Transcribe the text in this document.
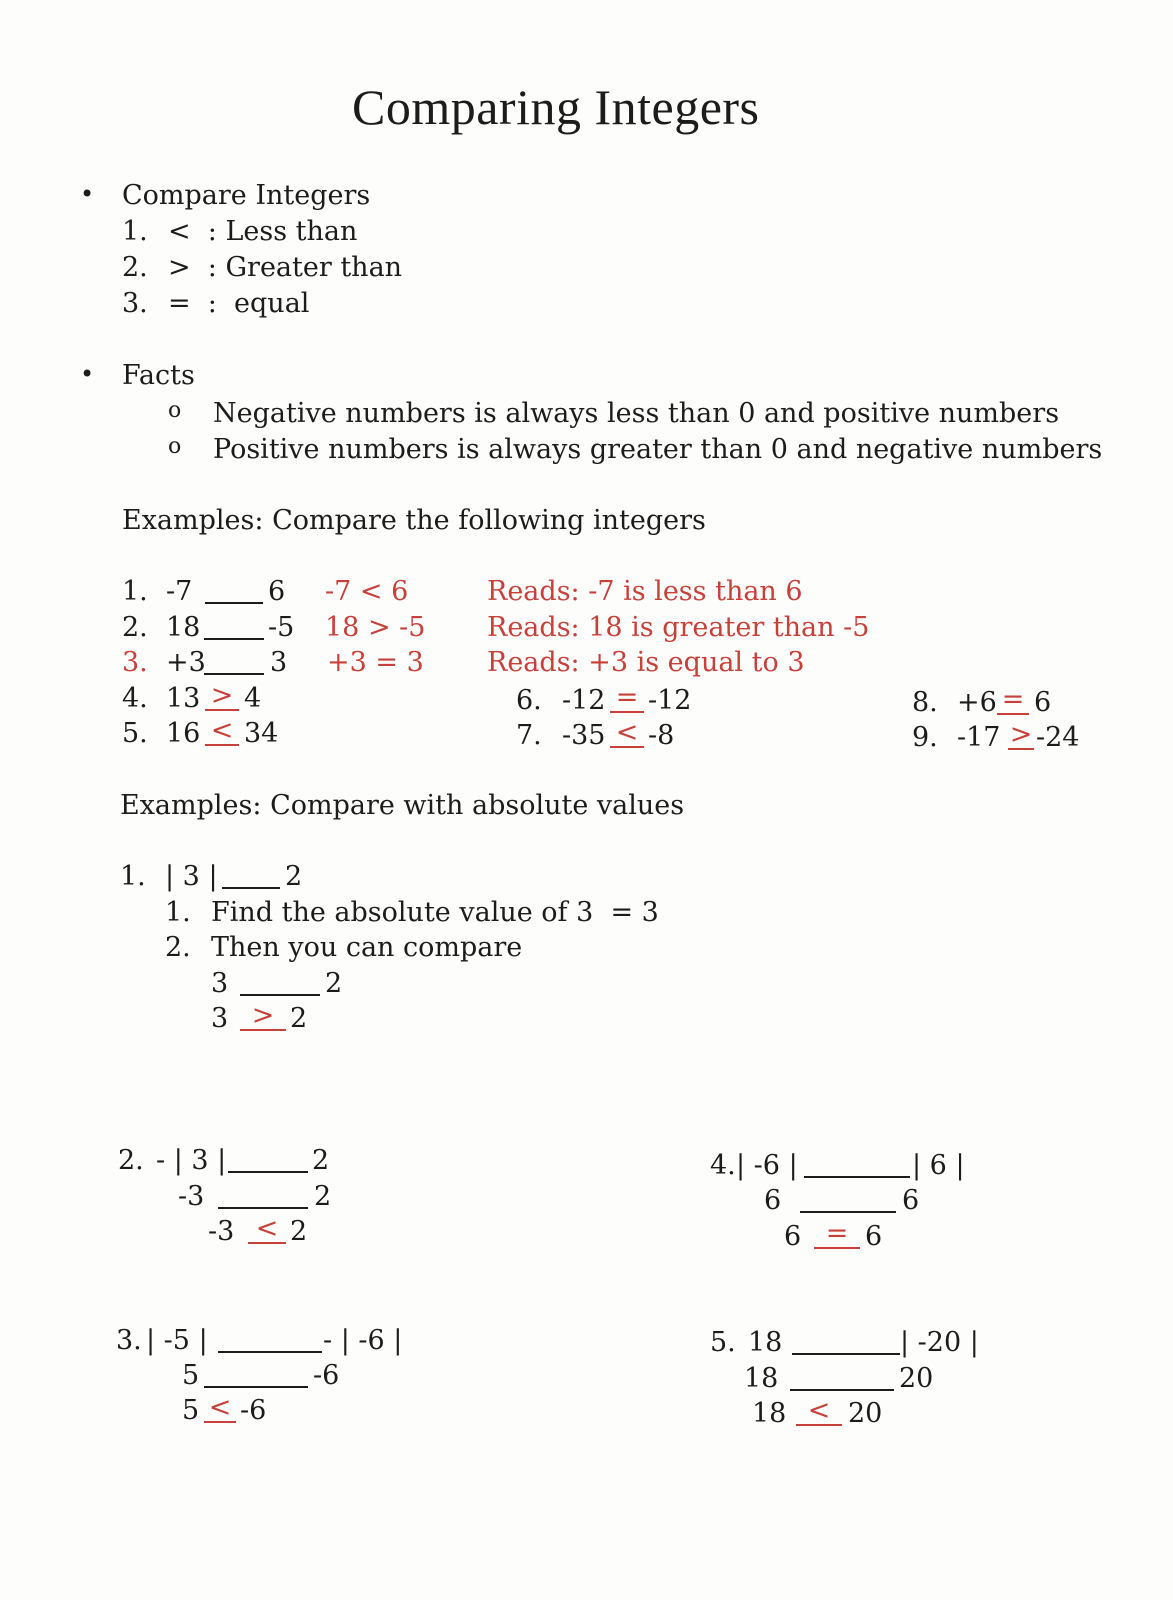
Comparing Integers
• Compare Integers
1. <  : Less than
2. >  : Greater than
3. =  :  equal
• Facts
o Negative numbers is always less than 0 and positive numbers
o Positive numbers is always greater than 0 and negative numbers
Examples: Compare the following integers
1. -7	6 -7 < 6	Reads: -7 is less than 6
2. 18	-5 18 > -5 Reads: 18 is greater than -5
3. +3 3 +3 = 3 Reads: +3 is equal to 3
4. 13 > 4
5. 16 < 34
6. -12 = -12
7. -35 < -8
8. +6 = 6
9. -17 > -24
Examples: Compare with absolute values
1. | 3 | 2
1. Find the absolute value of 3  = 3
2. Then you can compare
3	2
3 > 2
2. - | 3 |	2
-3	2
-3 < 2
3. | -5 |	- | -6 |
5	-6
5 < -6
4. | -6 |	| 6 |
6	6
6 = 6
5. 18	| -20 |
18	20
18 < 20
